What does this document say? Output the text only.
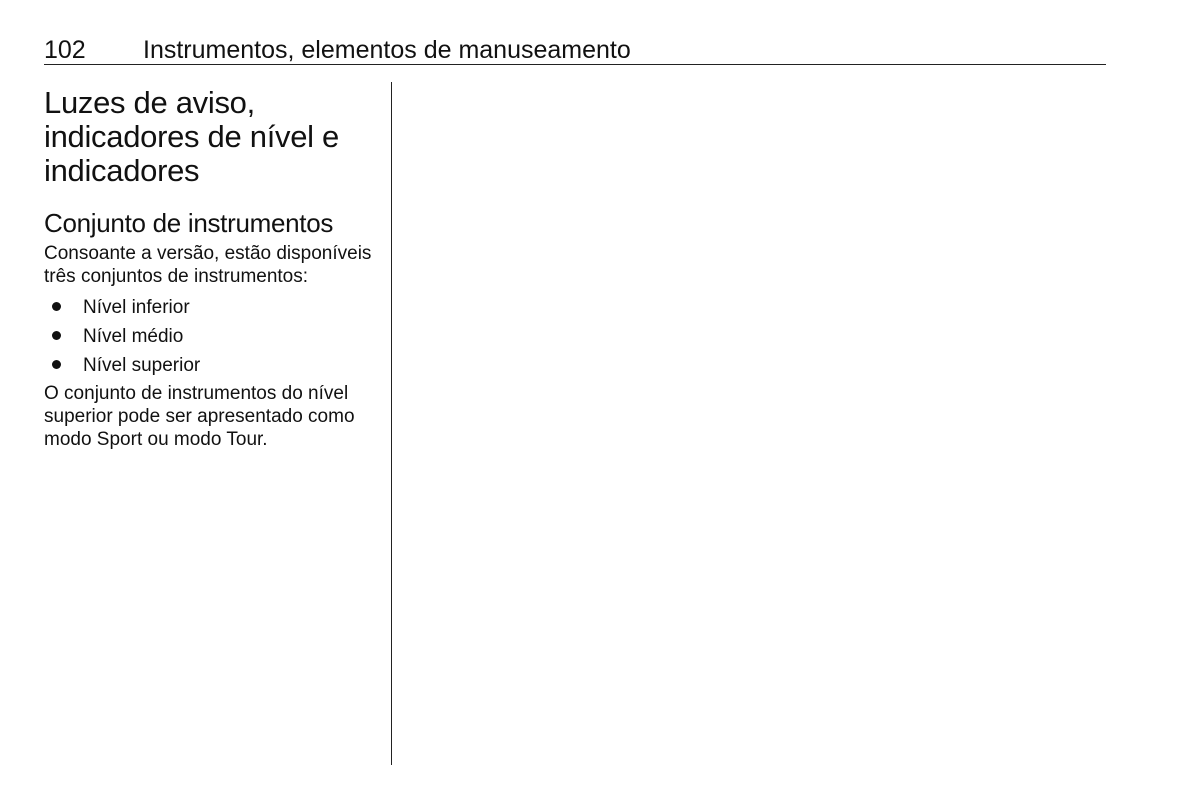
102 Instrumentos, elementos de manuseamento
Luzes de aviso, indicadores de nível e indicadores
Conjunto de instrumentos

Consoante a versão, estão disponíveis três conjuntos de instrumentos:

Nível inferior
Nível médio
Nível superior

O conjunto de instrumentos do nível superior pode ser apresentado como modo Sport ou modo Tour.
